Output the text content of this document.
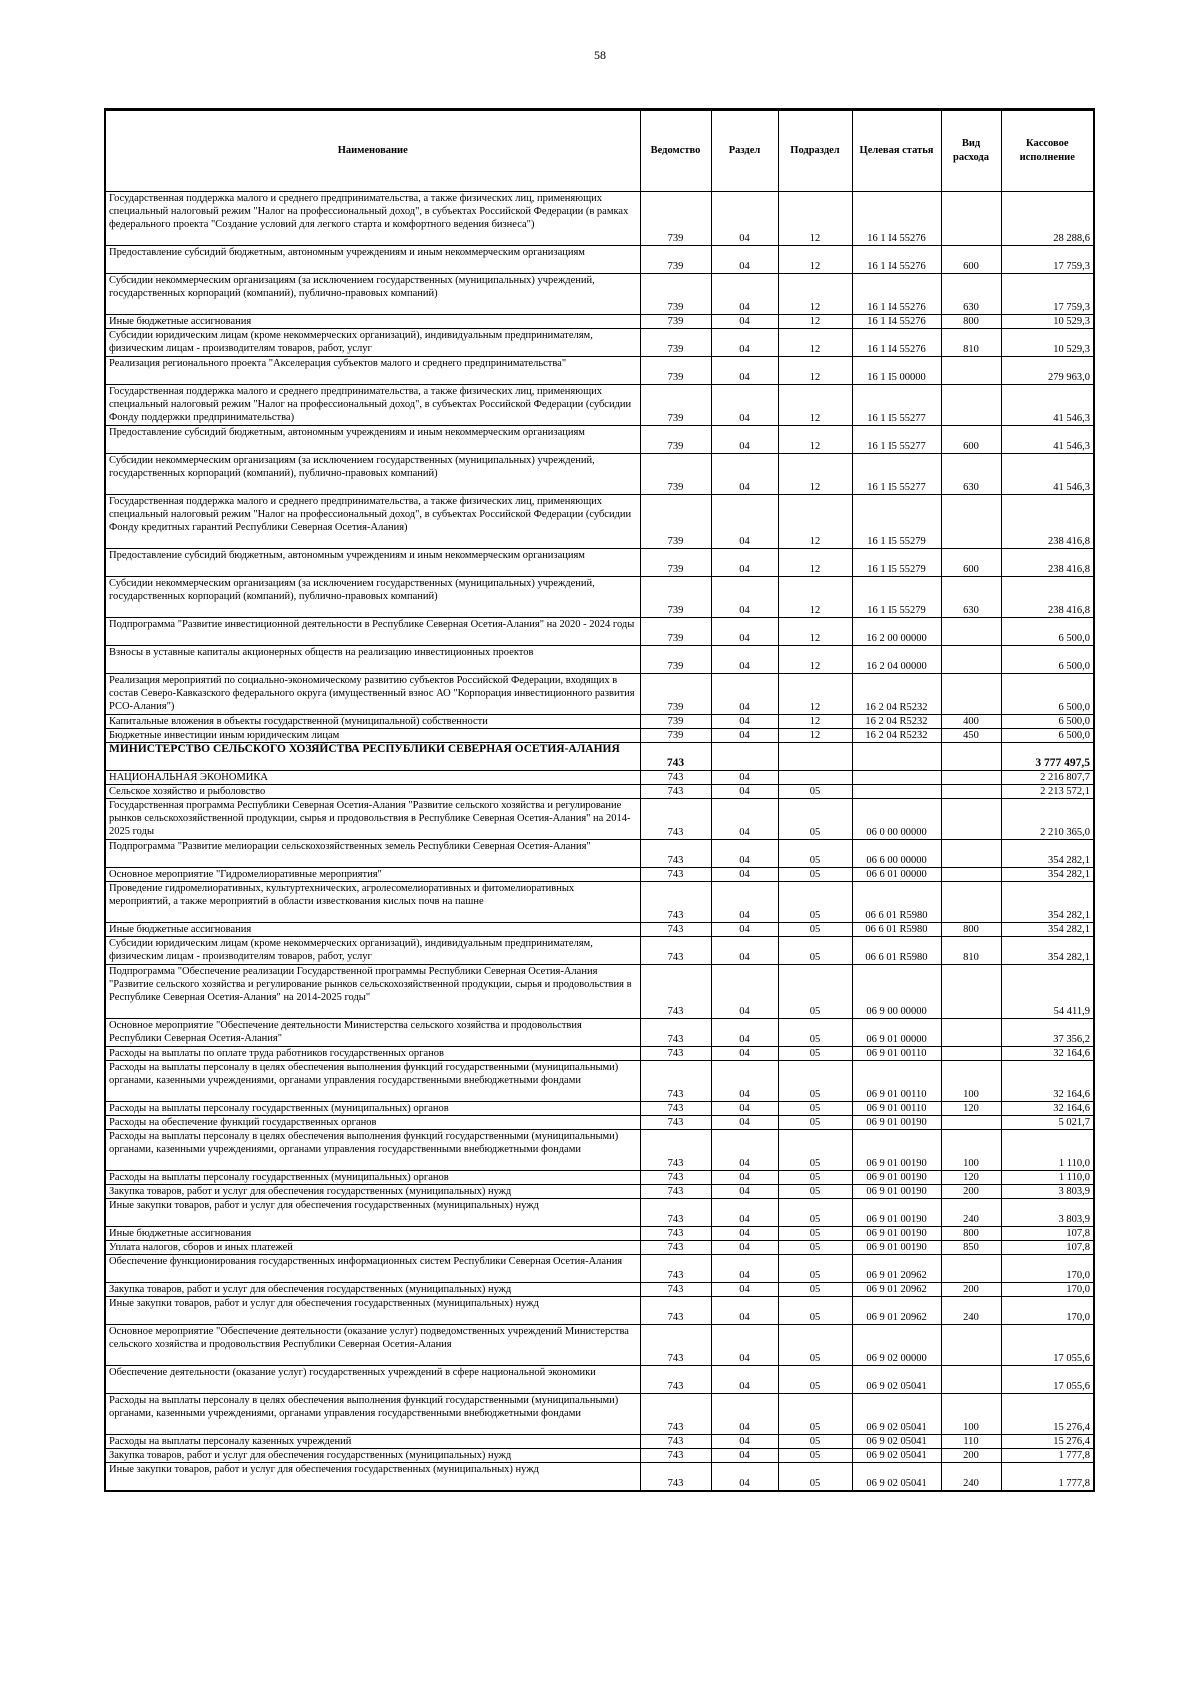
58
Наименование	Ведомство	Раздел	Подраздел	Целевая статья	Вид расхода	Кассовое исполнение
Государственная поддержка малого и среднего предпринимательства, а также физических лиц, применяющих специальный налоговый режим "Налог на профессиональный доход", в субъектах Российской Федерации (в рамках федерального проекта "Создание условий для легкого старта и комфортного ведения бизнеса")	739	04	12	16 1 I4 55276		28 288,6
Предоставление субсидий бюджетным, автономным учреждениям и иным некоммерческим организациям	739	04	12	16 1 I4 55276	600	17 759,3
Субсидии некоммерческим организациям (за исключением государственных (муниципальных) учреждений, государственных корпораций (компаний), публично-правовых компаний)	739	04	12	16 1 I4 55276	630	17 759,3
Иные бюджетные ассигнования	739	04	12	16 1 I4 55276	800	10 529,3
Субсидии юридическим лицам (кроме некоммерческих организаций), индивидуальным предпринимателям, физическим лицам - производителям товаров, работ, услуг	739	04	12	16 1 I4 55276	810	10 529,3
Реализация регионального проекта "Акселерация субъектов малого и среднего предпринимательства"	739	04	12	16 1 I5 00000		279 963,0
Государственная поддержка малого и среднего предпринимательства, а также физических лиц, применяющих специальный налоговый режим "Налог на профессиональный доход", в субъектах Российской Федерации (субсидии Фонду поддержки предпринимательства)	739	04	12	16 1 I5 55277		41 546,3
Предоставление субсидий бюджетным, автономным учреждениям и иным некоммерческим организациям	739	04	12	16 1 I5 55277	600	41 546,3
Субсидии некоммерческим организациям (за исключением государственных (муниципальных) учреждений, государственных корпораций (компаний), публично-правовых компаний)	739	04	12	16 1 I5 55277	630	41 546,3
Государственная поддержка малого и среднего предпринимательства, а также физических лиц, применяющих специальный налоговый режим "Налог на профессиональный доход", в субъектах Российской Федерации (субсидии Фонду кредитных гарантий Республики Северная Осетия-Алания)	739	04	12	16 1 I5 55279		238 416,8
Предоставление субсидий бюджетным, автономным учреждениям и иным некоммерческим организациям	739	04	12	16 1 I5 55279	600	238 416,8
Субсидии некоммерческим организациям (за исключением государственных (муниципальных) учреждений, государственных корпораций (компаний), публично-правовых компаний)	739	04	12	16 1 I5 55279	630	238 416,8
Подпрограмма "Развитие инвестиционной деятельности в Республике Северная Осетия-Алания" на 2020 - 2024 годы	739	04	12	16 2 00 00000		6 500,0
Взносы в уставные капиталы акционерных обществ на реализацию инвестиционных проектов	739	04	12	16 2 04 00000		6 500,0
Реализация мероприятий по социально-экономическому развитию субъектов Российской Федерации, входящих в состав Северо-Кавказского федерального округа (имущественный взнос АО "Корпорация инвестиционного развития РСО-Алания")	739	04	12	16 2 04 R5232		6 500,0
Капитальные вложения в объекты государственной (муниципальной) собственности	739	04	12	16 2 04 R5232	400	6 500,0
Бюджетные инвестиции иным юридическим лицам	739	04	12	16 2 04 R5232	450	6 500,0
МИНИСТЕРСТВО СЕЛЬСКОГО ХОЗЯЙСТВА РЕСПУБЛИКИ СЕВЕРНАЯ ОСЕТИЯ-АЛАНИЯ	743					3 777 497,5
НАЦИОНАЛЬНАЯ ЭКОНОМИКА	743	04				2 216 807,7
Сельское хозяйство и рыболовство	743	04	05			2 213 572,1
Государственная программа Республики Северная Осетия-Алания "Развитие сельского хозяйства и регулирование рынков сельскохозяйственной продукции, сырья и продовольствия в Республике Северная Осетия-Алания" на 2014-2025 годы	743	04	05	06 0 00 00000		2 210 365,0
Подпрограмма "Развитие мелиорации сельскохозяйственных земель Республики Северная Осетия-Алания"	743	04	05	06 6 00 00000		354 282,1
Основное мероприятие "Гидромелиоративные мероприятия"	743	04	05	06 6 01 00000		354 282,1
Проведение гидромелиоративных, культуртехнических, агролесомелиоративных и фитомелиоративных мероприятий, а также мероприятий в области известкования кислых почв на пашне	743	04	05	06 6 01 R5980		354 282,1
Иные бюджетные ассигнования	743	04	05	06 6 01 R5980	800	354 282,1
Субсидии юридическим лицам (кроме некоммерческих организаций), индивидуальным предпринимателям, физическим лицам - производителям товаров, работ, услуг	743	04	05	06 6 01 R5980	810	354 282,1
Подпрограмма "Обеспечение реализации Государственной программы Республики Северная Осетия-Алания "Развитие сельского хозяйства и регулирование рынков сельскохозяйственной продукции, сырья и продовольствия в Республике Северная Осетия-Алания" на 2014-2025 годы"	743	04	05	06 9 00 00000		54 411,9
Основное мероприятие "Обеспечение деятельности Министерства сельского хозяйства и продовольствия Республики Северная Осетия-Алания"	743	04	05	06 9 01 00000		37 356,2
Расходы на выплаты по оплате труда работников государственных органов	743	04	05	06 9 01 00110		32 164,6
Расходы на выплаты персоналу в целях обеспечения выполнения функций государственными (муниципальными) органами, казенными учреждениями, органами управления государственными внебюджетными фондами	743	04	05	06 9 01 00110	100	32 164,6
Расходы на выплаты персоналу государственных (муниципальных) органов	743	04	05	06 9 01 00110	120	32 164,6
Расходы на обеспечение функций государственных органов	743	04	05	06 9 01 00190		5 021,7
Расходы на выплаты персоналу в целях обеспечения выполнения функций государственными (муниципальными) органами, казенными учреждениями, органами управления государственными внебюджетными фондами	743	04	05	06 9 01 00190	100	1 110,0
Расходы на выплаты персоналу государственных (муниципальных) органов	743	04	05	06 9 01 00190	120	1 110,0
Закупка товаров, работ и услуг для обеспечения государственных (муниципальных) нужд	743	04	05	06 9 01 00190	200	3 803,9
Иные закупки товаров, работ и услуг для обеспечения государственных (муниципальных) нужд	743	04	05	06 9 01 00190	240	3 803,9
Иные бюджетные ассигнования	743	04	05	06 9 01 00190	800	107,8
Уплата налогов, сборов и иных платежей	743	04	05	06 9 01 00190	850	107,8
Обеспечение функционирования государственных информационных систем Республики Северная Осетия-Алания	743	04	05	06 9 01 20962		170,0
Закупка товаров, работ и услуг для обеспечения государственных (муниципальных) нужд	743	04	05	06 9 01 20962	200	170,0
Иные закупки товаров, работ и услуг для обеспечения государственных (муниципальных) нужд	743	04	05	06 9 01 20962	240	170,0
Основное мероприятие "Обеспечение деятельности (оказание услуг) подведомственных учреждений Министерства сельского хозяйства и продовольствия Республики Северная Осетия-Алания	743	04	05	06 9 02 00000		17 055,6
Обеспечение деятельности (оказание услуг) государственных учреждений в сфере национальной экономики	743	04	05	06 9 02 05041		17 055,6
Расходы на выплаты персоналу в целях обеспечения выполнения функций государственными (муниципальными) органами, казенными учреждениями, органами управления государственными внебюджетными фондами	743	04	05	06 9 02 05041	100	15 276,4
Расходы на выплаты персоналу казенных учреждений	743	04	05	06 9 02 05041	110	15 276,4
Закупка товаров, работ и услуг для обеспечения государственных (муниципальных) нужд	743	04	05	06 9 02 05041	200	1 777,8
Иные закупки товаров, работ и услуг для обеспечения государственных (муниципальных) нужд	743	04	05	06 9 02 05041	240	1 777,8
